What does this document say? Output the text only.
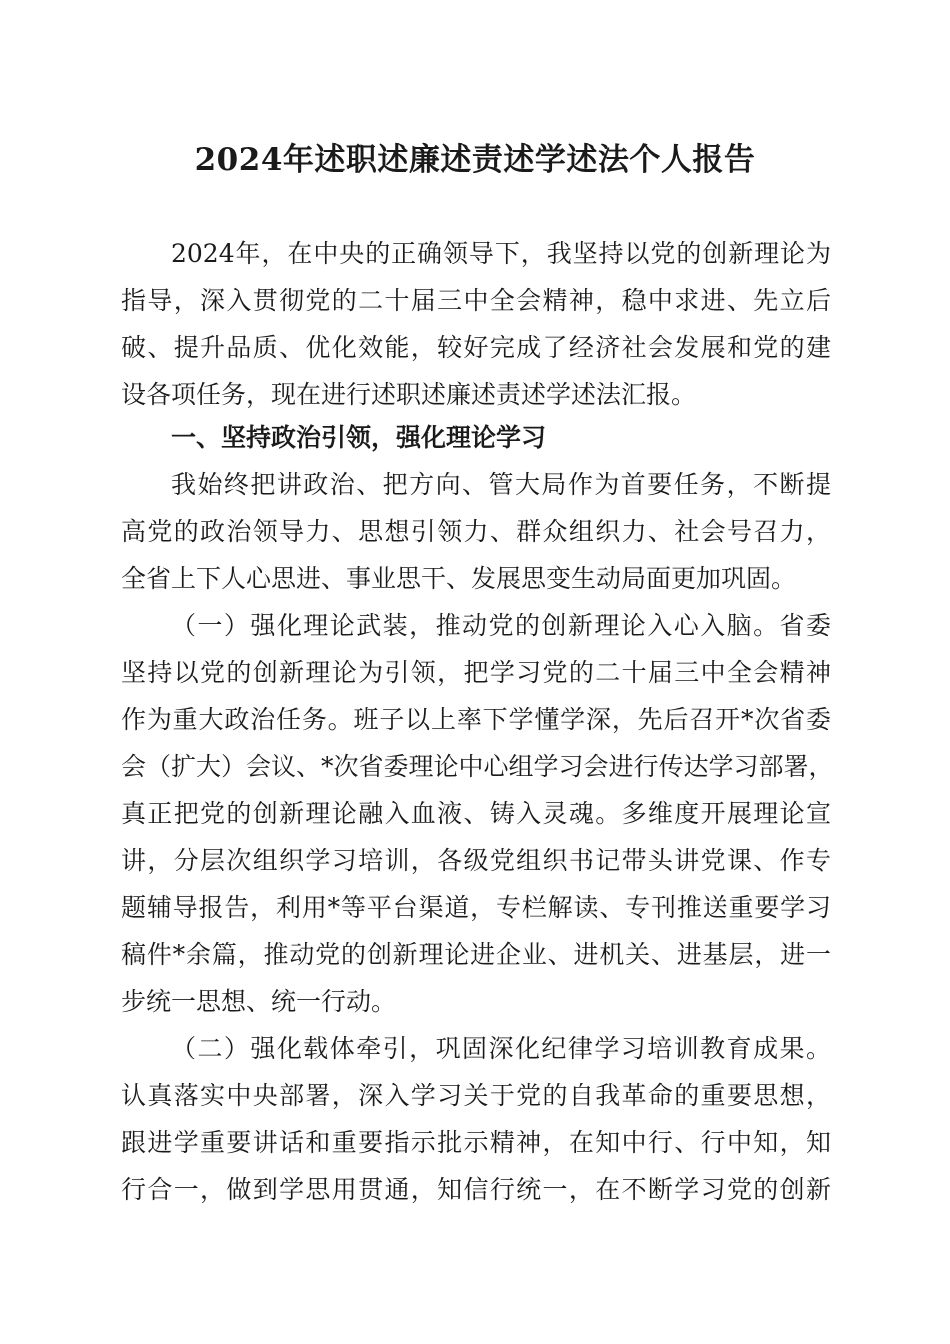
2024年述职述廉述责述学述法个人报告
2024年，在中央的正确领导下，我坚持以党的创新理论为
指导，深入贯彻党的二十届三中全会精神，稳中求进、先立后
破、提升品质、优化效能，较好完成了经济社会发展和党的建
设各项任务，现在进行述职述廉述责述学述法汇报。
一、坚持政治引领，强化理论学习
我始终把讲政治、把方向、管大局作为首要任务，不断提
高党的政治领导力、思想引领力、群众组织力、社会号召力，
全省上下人心思进、事业思干、发展思变生动局面更加巩固。
（一）强化理论武装，推动党的创新理论入心入脑。省委
坚持以党的创新理论为引领，把学习党的二十届三中全会精神
作为重大政治任务。班子以上率下学懂学深，先后召开*次省委
会（扩大）会议、*次省委理论中心组学习会进行传达学习部署，
真正把党的创新理论融入血液、铸入灵魂。多维度开展理论宣
讲，分层次组织学习培训，各级党组织书记带头讲党课、作专
题辅导报告，利用*等平台渠道，专栏解读、专刊推送重要学习
稿件*余篇，推动党的创新理论进企业、进机关、进基层，进一
步统一思想、统一行动。
（二）强化载体牵引，巩固深化纪律学习培训教育成果。
认真落实中央部署，深入学习关于党的自我革命的重要思想，
跟进学重要讲话和重要指示批示精神，在知中行、行中知，知
行合一，做到学思用贯通，知信行统一，在不断学习党的创新
